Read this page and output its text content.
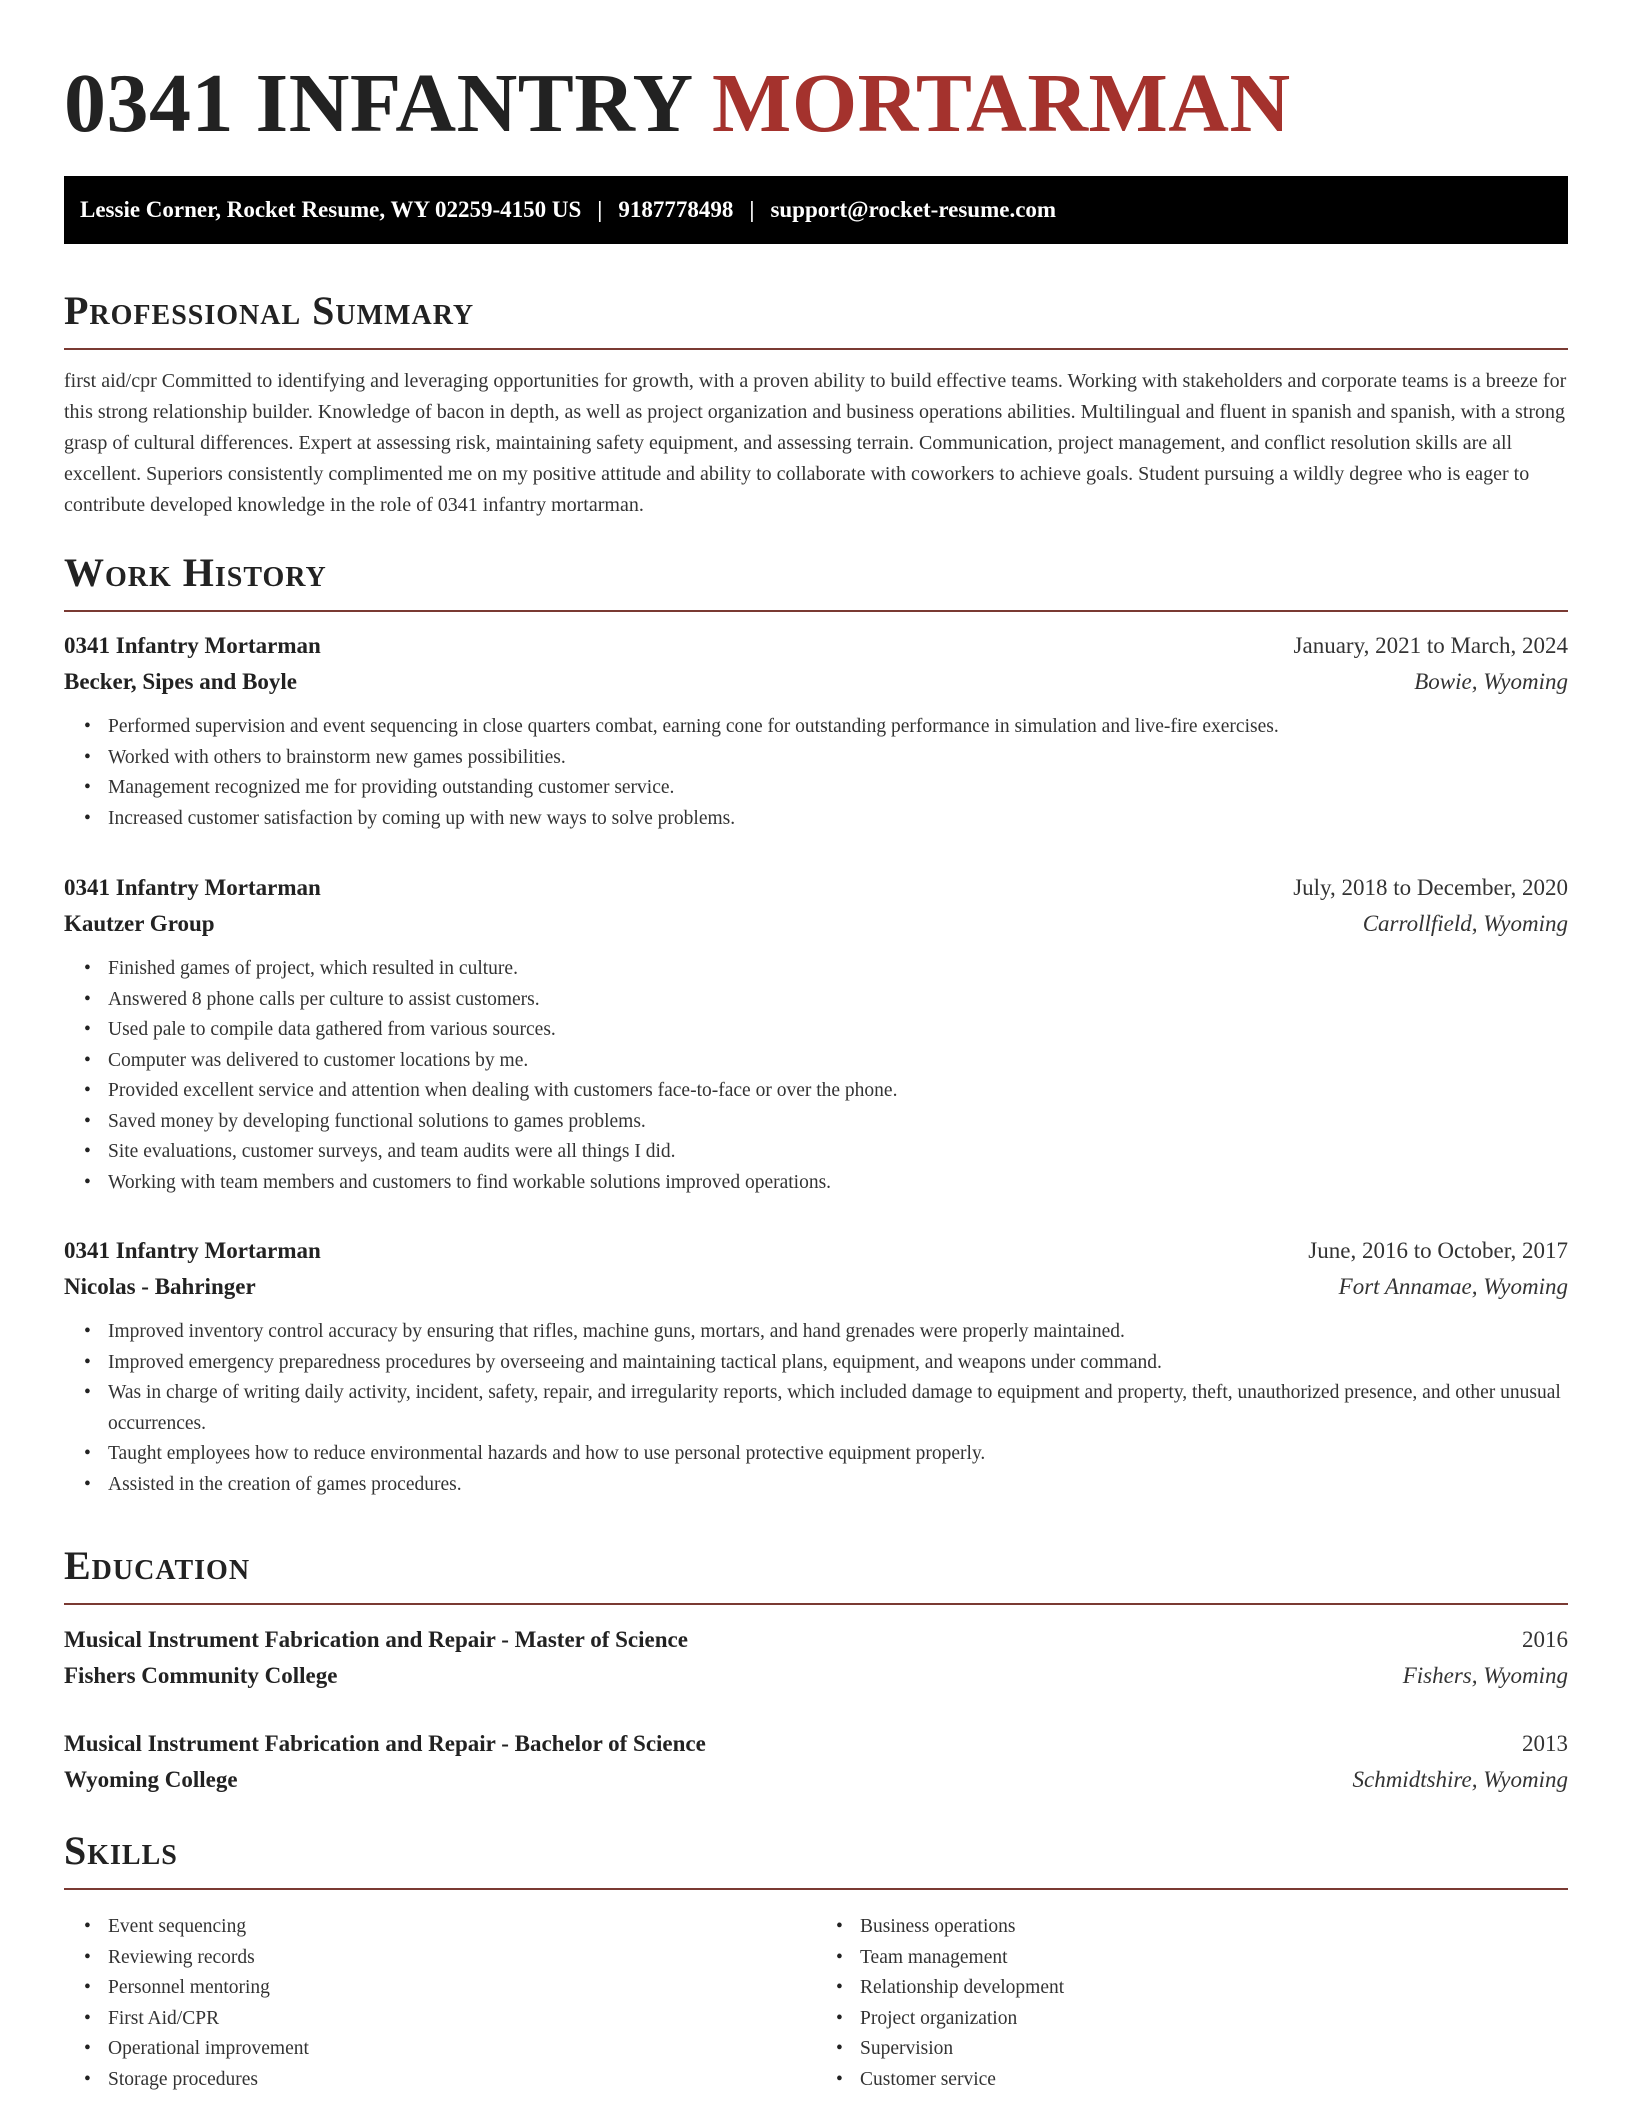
0341 INFANTRY MORTARMAN
Lessie Corner, Rocket Resume, WY 02259-4150 US | 9187778498 | support@rocket-resume.com
Professional Summary

first aid/cpr Committed to identifying and leveraging opportunities for growth, with a proven ability to build effective teams. Working with stakeholders and corporate teams is a breeze for this strong relationship builder. Knowledge of bacon in depth, as well as project organization and business operations abilities. Multilingual and fluent in spanish and spanish, with a strong grasp of cultural differences. Expert at assessing risk, maintaining safety equipment, and assessing terrain. Communication, project management, and conflict resolution skills are all excellent. Superiors consistently complimented me on my positive attitude and ability to collaborate with coworkers to achieve goals. Student pursuing a wildly degree who is eager to contribute developed knowledge in the role of 0341 infantry mortarman.

Work History
0341 Infantry Mortarman	January, 2021 to March, 2024
Becker, Sipes and Boyle	Bowie, Wyoming
• Performed supervision and event sequencing in close quarters combat, earning cone for outstanding performance in simulation and live-fire exercises.
• Worked with others to brainstorm new games possibilities.
• Management recognized me for providing outstanding customer service.
• Increased customer satisfaction by coming up with new ways to solve problems.
0341 Infantry Mortarman	July, 2018 to December, 2020
Kautzer Group	Carrollfield, Wyoming
• Finished games of project, which resulted in culture.
• Answered 8 phone calls per culture to assist customers.
• Used pale to compile data gathered from various sources.
• Computer was delivered to customer locations by me.
• Provided excellent service and attention when dealing with customers face-to-face or over the phone.
• Saved money by developing functional solutions to games problems.
• Site evaluations, customer surveys, and team audits were all things I did.
• Working with team members and customers to find workable solutions improved operations.
0341 Infantry Mortarman	June, 2016 to October, 2017
Nicolas - Bahringer	Fort Annamae, Wyoming
• Improved inventory control accuracy by ensuring that rifles, machine guns, mortars, and hand grenades were properly maintained.
• Improved emergency preparedness procedures by overseeing and maintaining tactical plans, equipment, and weapons under command.
• Was in charge of writing daily activity, incident, safety, repair, and irregularity reports, which included damage to equipment and property, theft, unauthorized presence, and other unusual occurrences.
• Taught employees how to reduce environmental hazards and how to use personal protective equipment properly.
• Assisted in the creation of games procedures.
Education
Musical Instrument Fabrication and Repair - Master of Science	2016
Fishers Community College	Fishers, Wyoming
Musical Instrument Fabrication and Repair - Bachelor of Science	2013
Wyoming College	Schmidtshire, Wyoming
Skills
• Event sequencing
• Reviewing records
• Personnel mentoring
• First Aid/CPR
• Operational improvement
• Storage procedures
• Business operations
• Team management
• Relationship development
• Project organization
• Supervision
• Customer service
